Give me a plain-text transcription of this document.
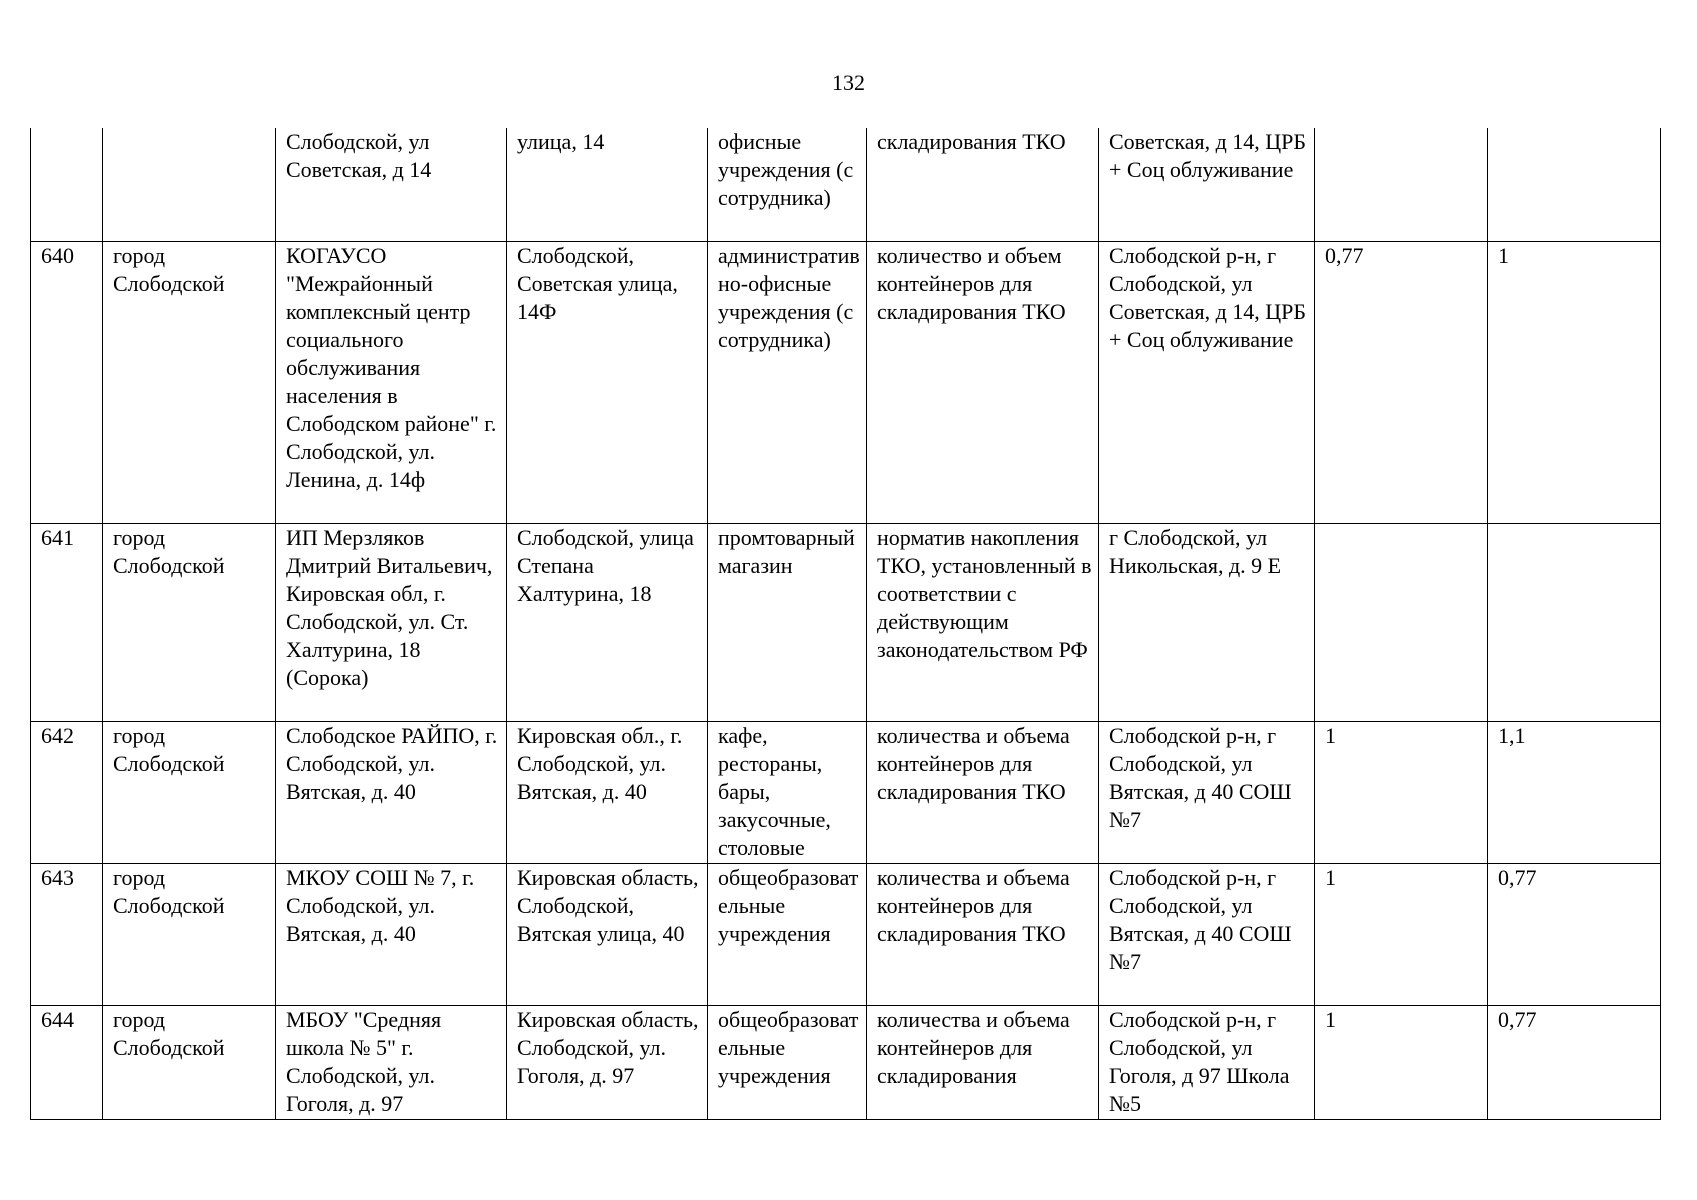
132
		Слободской, ул Советская, д 14	улица, 14	офисные учреждения (с сотрудника)	складирования ТКО	Советская, д 14, ЦРБ + Соц облуживание		
640	город Слободской	КОГАУСО "Межрайонный комплексный центр социального обслуживания населения в Слободском районе" г. Слободской, ул. Ленина, д. 14ф	Слободской, Советская улица, 14Ф	административно-офисные учреждения (с сотрудника)	количество и объем контейнеров для складирования ТКО	Слободской р-н, г Слободской, ул Советская, д 14, ЦРБ + Соц облуживание	0,77	1
641	город Слободской	ИП Мерзляков Дмитрий Витальевич, Кировская обл, г. Слободской, ул. Ст. Халтурина, 18 (Сорока)	Слободской, улица Степана Халтурина, 18	промтоварный магазин	норматив накопления ТКО, установленный в соответствии с действующим законодательством РФ	г Слободской, ул Никольская, д. 9 Е		
642	город Слободской	Слободское РАЙПО, г. Слободской, ул. Вятская, д. 40	Кировская обл., г. Слободской, ул. Вятская, д. 40	кафе, рестораны, бары, закусочные, столовые	количества и объема контейнеров для складирования ТКО	Слободской р-н, г Слободской, ул Вятская, д 40 СОШ №7	1	1,1
643	город Слободской	МКОУ СОШ № 7, г. Слободской, ул. Вятская, д. 40	Кировская область, Слободской, Вятская улица, 40	общеобразовательные учреждения	количества и объема контейнеров для складирования ТКО	Слободской р-н, г Слободской, ул Вятская, д 40 СОШ №7	1	0,77
644	город Слободской	МБОУ "Средняя школа № 5" г. Слободской, ул. Гоголя, д. 97	Кировская область, Слободской, ул. Гоголя, д. 97	общеобразовательные учреждения	количества и объема контейнеров для складирования	Слободской р-н, г Слободской, ул Гоголя, д 97 Школа №5	1	0,77
